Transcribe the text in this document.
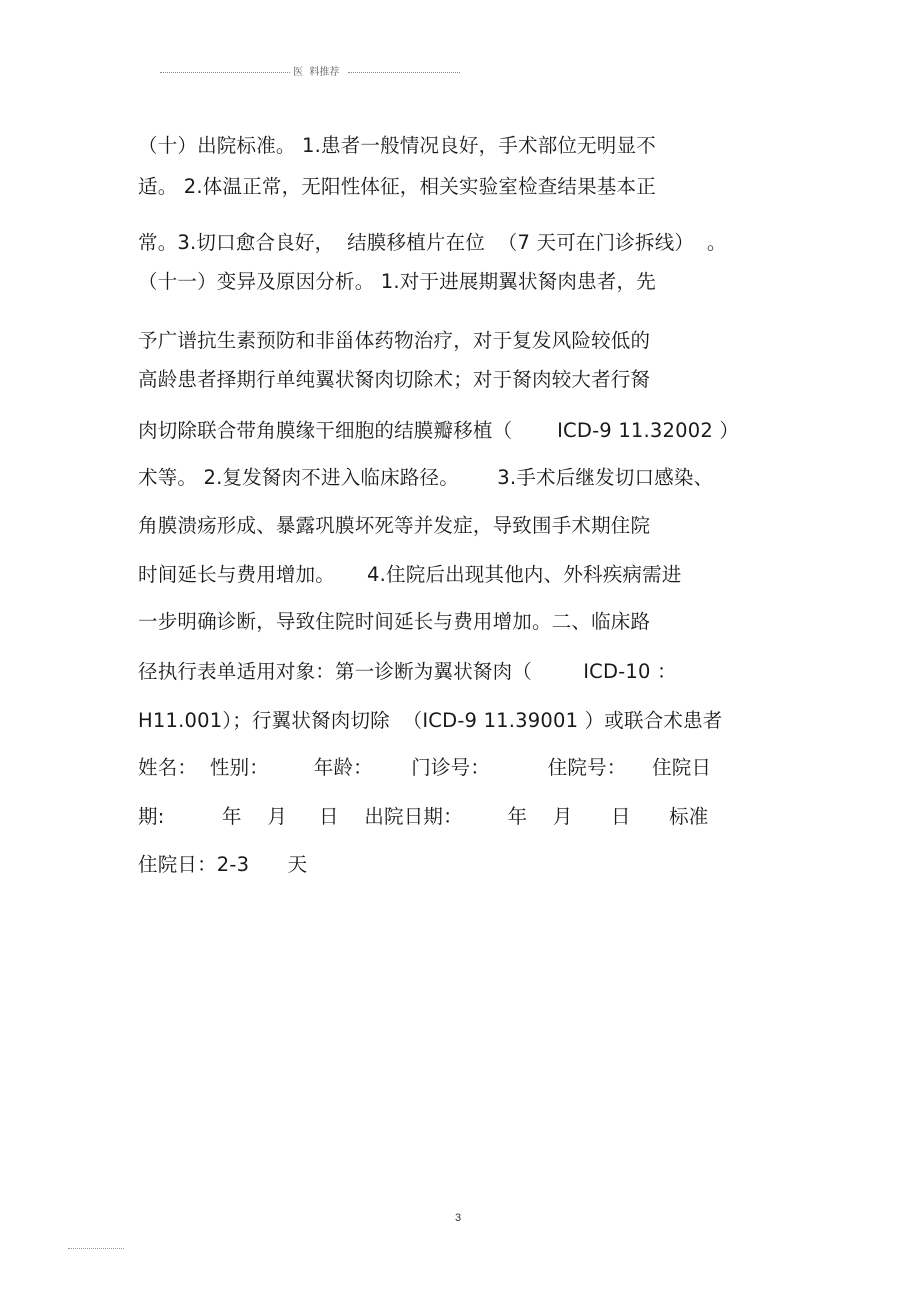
医  料推荐
（十）出院标准。 1.患者一般情况良好，手术部位无明显不
适。 2.体温正常，无阳性体征，相关实验室检查结果基本正
常。3.切口愈合良好，  结膜移植片在位  （7 天可在门诊拆线）  。
（十一）变异及原因分析。 1.对于进展期翼状胬肉患者，先
予广谱抗生素预防和非甾体药物治疗，对于复发风险较低的
高龄患者择期行单纯翼状胬肉切除术；对于胬肉较大者行胬
肉切除联合带角膜缘干细胞的结膜瓣移植（       ICD-9 11.32002 ）
术等。 2.复发胬肉不进入临床路径。      3.手术后继发切口感染、
角膜溃疡形成、暴露巩膜坏死等并发症，导致围手术期住院
时间延长与费用增加。     4.住院后出现其他内、外科疾病需进
一步明确诊断，导致住院时间延长与费用增加。二、临床路
径执行表单适用对象：第一诊断为翼状胬肉（        ICD-10 ：
H11.001）；行翼状胬肉切除  （ICD-9 11.39001 ）或联合术患者
姓名：  性别：       年龄：      门诊号：         住院号：    住院日
期:         年    月     日    出院日期：       年    月      日      标准
住院日：2-3      天
3
